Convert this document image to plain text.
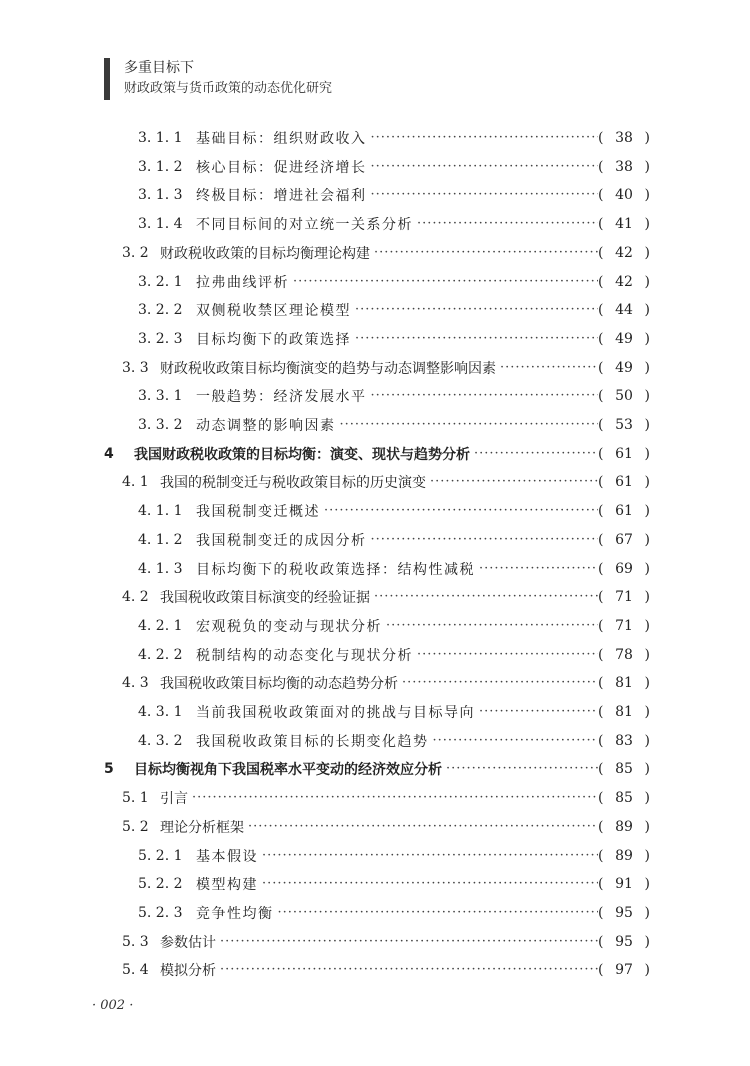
多重目标下
财政政策与货币政策的动态优化研究
3. 1. 1 基础目标：组织财政收入 ·····	( 38 )
3. 1. 2 核心目标：促进经济增长 ·····	( 38 )
3. 1. 3 终极目标：增进社会福利 ·····	( 40 )
3. 1. 4 不同目标间的对立统一关系分析 ·····	( 41 )
3. 2 财政税收政策的目标均衡理论构建 ·····	( 42 )
3. 2. 1 拉弗曲线评析 ·····	( 42 )
3. 2. 2 双侧税收禁区理论模型 ·····	( 44 )
3. 2. 3 目标均衡下的政策选择 ·····	( 49 )
3. 3 财政税收政策目标均衡演变的趋势与动态调整影响因素 ·····	( 49 )
3. 3. 1 一般趋势：经济发展水平 ·····	( 50 )
3. 3. 2 动态调整的影响因素 ·····	( 53 )
4	我国财政税收政策的目标均衡：演变、现状与趋势分析 ·····	( 61 )
4. 1 我国的税制变迁与税收政策目标的历史演变 ·····	( 61 )
4. 1. 1 我国税制变迁概述 ·····	( 61 )
4. 1. 2 我国税制变迁的成因分析 ·····	( 67 )
4. 1. 3 目标均衡下的税收政策选择：结构性减税 ·····	( 69 )
4. 2 我国税收政策目标演变的经验证据 ·····	( 71 )
4. 2. 1 宏观税负的变动与现状分析 ·····	( 71 )
4. 2. 2 税制结构的动态变化与现状分析 ·····	( 78 )
4. 3 我国税收政策目标均衡的动态趋势分析 ·····	( 81 )
4. 3. 1 当前我国税收政策面对的挑战与目标导向 ·····	( 81 )
4. 3. 2 我国税收政策目标的长期变化趋势 ·····	( 83 )
5	目标均衡视角下我国税率水平变动的经济效应分析 ·····	( 85 )
5. 1 引言 ·····	( 85 )
5. 2 理论分析框架 ·····	( 89 )
5. 2. 1 基本假设 ·····	( 89 )
5. 2. 2 模型构建 ·····	( 91 )
5. 2. 3 竞争性均衡 ·····	( 95 )
5. 3 参数估计 ·····	( 95 )
5. 4 模拟分析 ·····	( 97 )
· 002 ·
